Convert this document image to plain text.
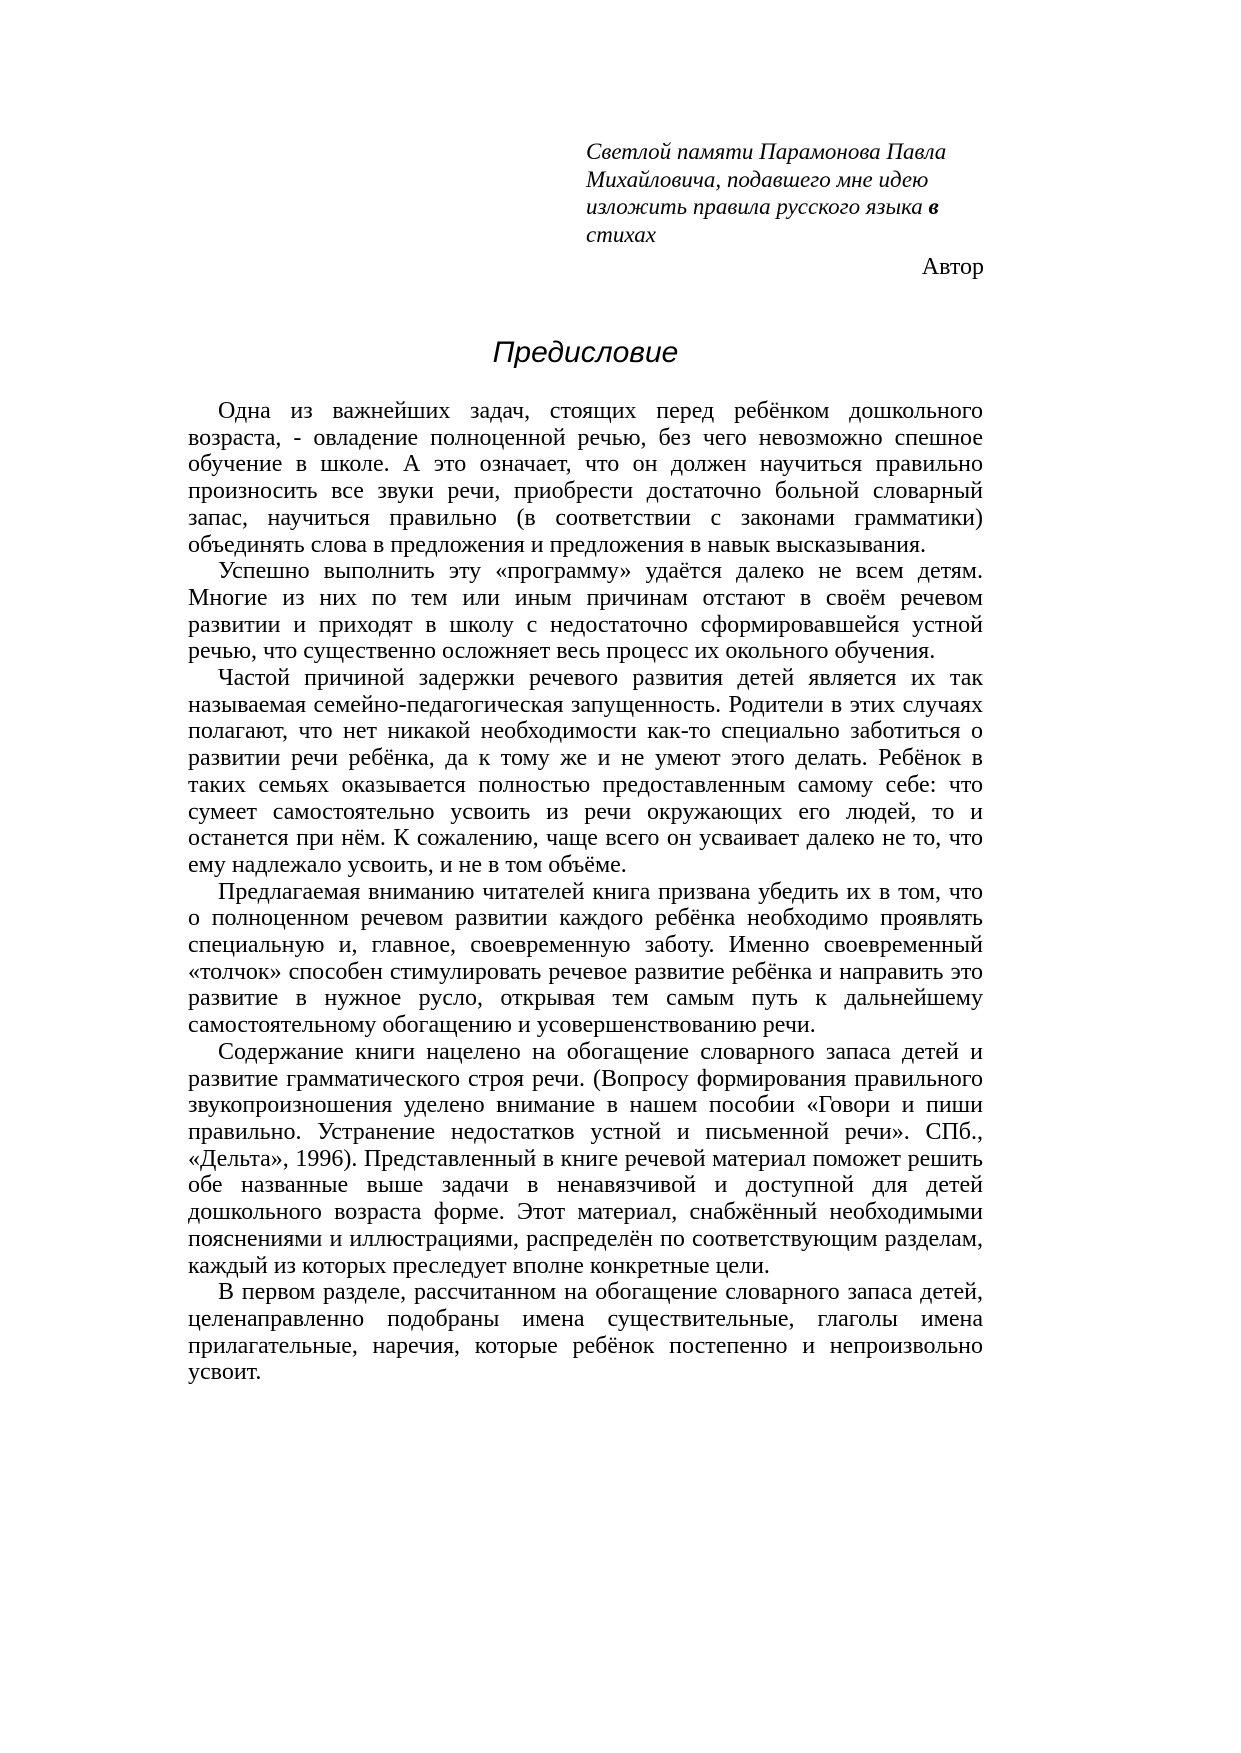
Светлой памяти Парамонова Павла Михайловича, подавшего мне идею изложить правила русского языка в стихах

Автор

Предисловие

Одна из важнейших задач, стоящих перед ребёнком дошкольного возраста, - овладение полноценной речью, без чего невозможно спешное обучение в школе. А это означает, что он должен научиться правильно произносить все звуки речи, приобрести достаточно больной словарный запас, научиться правильно (в соответствии с законами грамматики) объединять слова в предложения и предложения в навык высказывания.

Успешно выполнить эту «программу» удаётся далеко не всем детям. Многие из них по тем или иным причинам отстают в своём речевом развитии и приходят в школу с недостаточно сформировавшейся устной речью, что существенно осложняет весь процесс их окольного обучения.

Частой причиной задержки речевого развития детей является их так называемая семейно-педагогическая запущенность. Родители в этих случаях полагают, что нет никакой необходимости как-то специально заботиться о развитии речи ребёнка, да к тому же и не умеют этого делать. Ребёнок в таких семьях оказывается полностью предоставленным самому себе: что сумеет самостоятельно усвоить из речи окружающих его людей, то и останется при нём. К сожалению, чаще всего он усваивает далеко не то, что ему надлежало усвоить, и не в том объёме.

Предлагаемая вниманию читателей книга призвана убедить их в том, что о полноценном речевом развитии каждого ребёнка необходимо проявлять специальную и, главное, своевременную заботу. Именно своевременный «толчок» способен стимулировать речевое развитие ребёнка и направить это развитие в нужное русло, открывая тем самым путь к дальнейшему самостоятельному обогащению и усовершенствованию речи.

Содержание книги нацелено на обогащение словарного запаса детей и развитие грамматического строя речи. (Вопросу формирования правильного звукопроизношения уделено внимание в нашем пособии «Говори и пиши правильно. Устранение недостатков устной и письменной речи». СПб., «Дельта», 1996). Представленный в книге речевой материал поможет решить обе названные выше задачи в ненавязчивой и доступной для детей дошкольного возраста форме. Этот материал, снабжённый необходимыми пояснениями и иллюстрациями, распределён по соответствующим разделам, каждый из которых преследует вполне конкретные цели.

В первом разделе, рассчитанном на обогащение словарного запаса детей, целенаправленно подобраны имена существительные, глаголы имена прилагательные, наречия, которые ребёнок постепенно и непроизвольно усвоит.
